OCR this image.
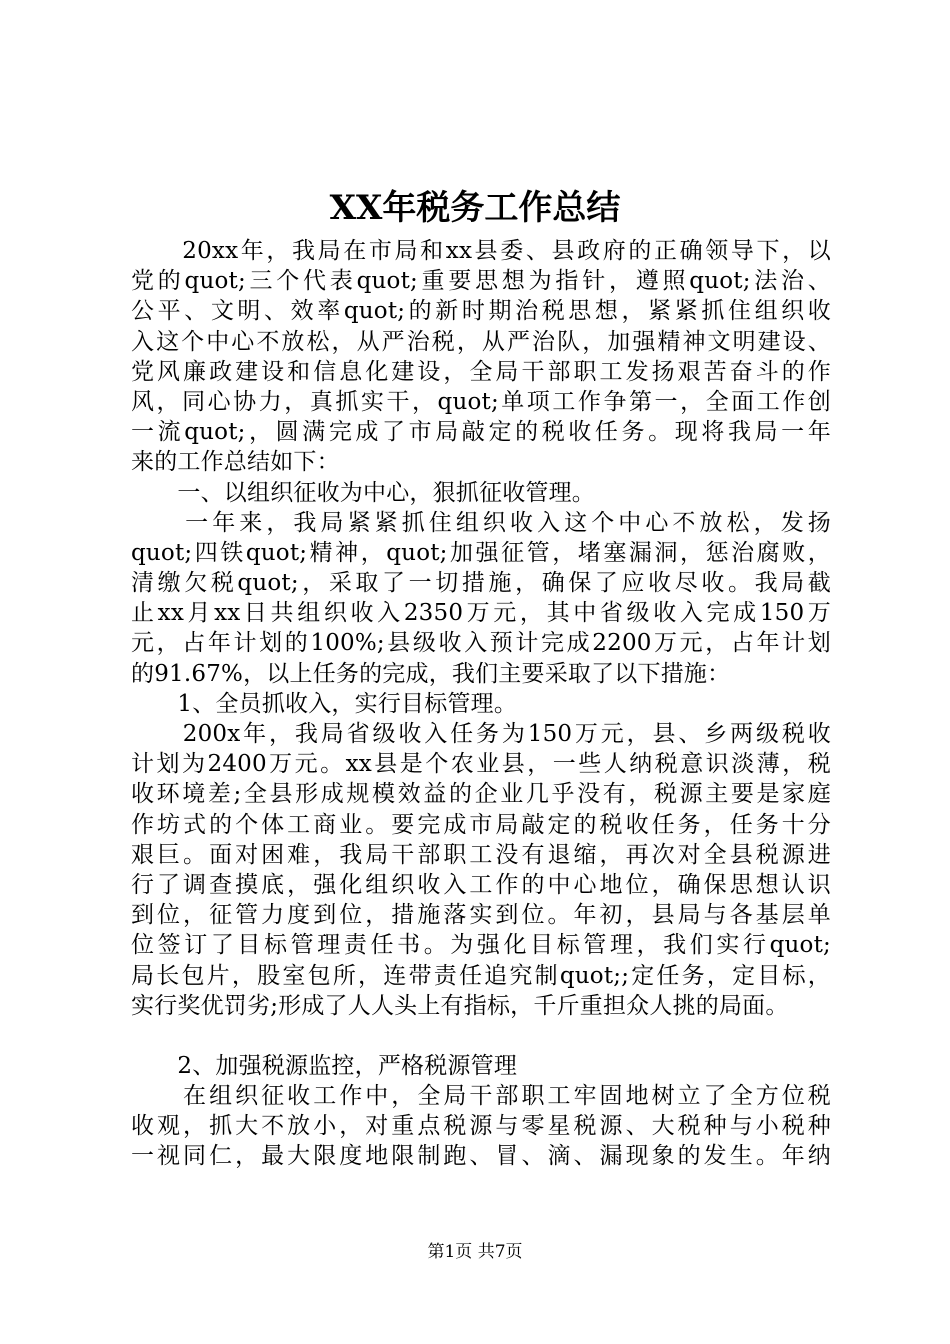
XX年税务工作总结
　　20xx年，我局在市局和xx县委、县政府的正确领导下，以
党的quot;三个代表quot;重要思想为指针，遵照quot;法治、
公平、文明、效率quot;的新时期治税思想，紧紧抓住组织收
入这个中心不放松，从严治税，从严治队，加强精神文明建设、
党风廉政建设和信息化建设，全局干部职工发扬艰苦奋斗的作
风，同心协力，真抓实干，quot;单项工作争第一，全面工作创
一流quot;，圆满完成了市局敲定的税收任务。现将我局一年
来的工作总结如下：
　　一、以组织征收为中心，狠抓征收管理。
　　一年来，我局紧紧抓住组织收入这个中心不放松，发扬
quot;四铁quot;精神，quot;加强征管，堵塞漏洞，惩治腐败，
清缴欠税quot;，采取了一切措施，确保了应收尽收。我局截
止xx月xx日共组织收入2350万元，其中省级收入完成150万
元，占年计划的100%;县级收入预计完成2200万元，占年计划
的91.67%，以上任务的完成，我们主要采取了以下措施：
　　1、全员抓收入，实行目标管理。
　　200x年，我局省级收入任务为150万元，县、乡两级税收
计划为2400万元。xx县是个农业县，一些人纳税意识淡薄，税
收环境差;全县形成规模效益的企业几乎没有，税源主要是家庭
作坊式的个体工商业。要完成市局敲定的税收任务，任务十分
艰巨。面对困难，我局干部职工没有退缩，再次对全县税源进
行了调查摸底，强化组织收入工作的中心地位，确保思想认识
到位，征管力度到位，措施落实到位。年初，县局与各基层单
位签订了目标管理责任书。为强化目标管理，我们实行quot;
局长包片，股室包所，连带责任追究制quot;;定任务，定目标，
实行奖优罚劣;形成了人人头上有指标，千斤重担众人挑的局面。
　　2、加强税源监控，严格税源管理
　　在组织征收工作中，全局干部职工牢固地树立了全方位税
收观，抓大不放小，对重点税源与零星税源、大税种与小税种
一视同仁，最大限度地限制跑、冒、滴、漏现象的发生。年纳
第1页 共7页
